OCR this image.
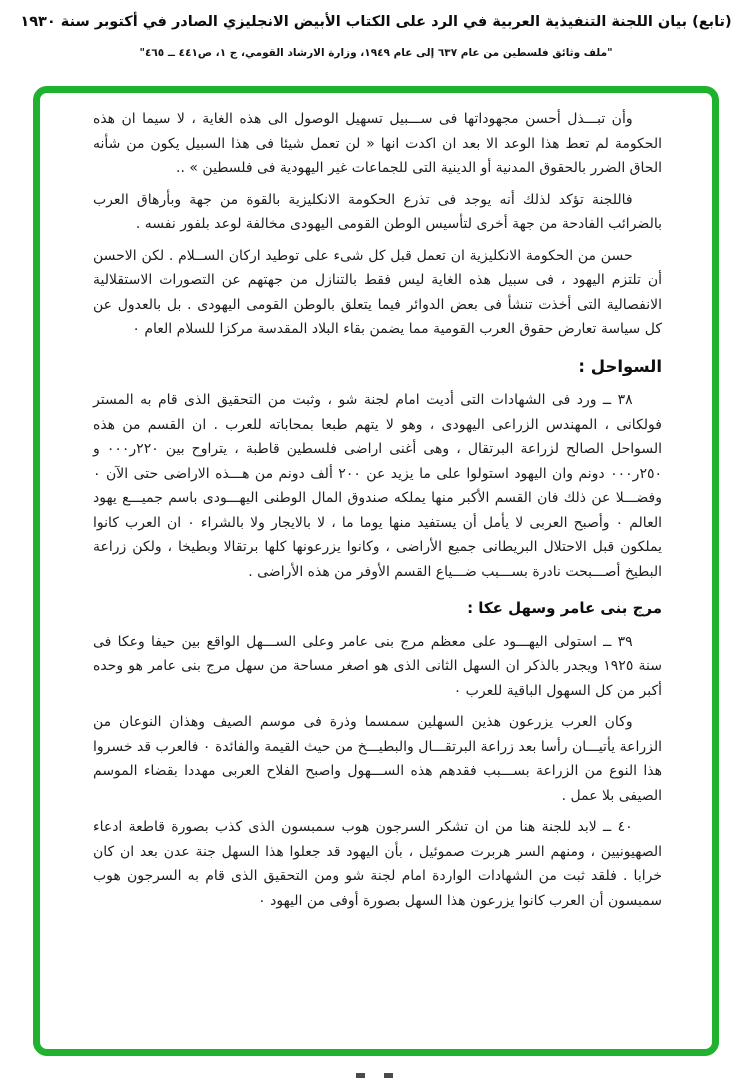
(تابع) بيان اللجنة التنفيذية العربية في الرد على الكتاب الأبيض الانجليزي الصادر في أكتوبر سنة ١٩٣٠
"ملف وثائق فلسطين من عام ٦٣٧ إلى عام ١٩٤٩، وزارة الارشاد القومي، ج ١، ص٤٤١ ــ ٤٦٥"
وأن تبـــذل أحسن مجهوداتها فى ســـبيل تسهيل الوصول الى هذه الغاية ، لا سيما ان هذه الحكومة لم تعط هذا الوعد الا بعد ان اكدت انها « لن تعمل شيئا فى هذا السبيل يكون من شأنه الحاق الضرر بالحقوق المدنية أو الدينية التى للجماعات غير اليهودية فى فلسطين » ..
فاللجنة تؤكد لذلك أنه يوجد فى تذرع الحكومة الانكليزية بالقوة من جهة وبأرهاق العرب بالضرائب الفادحة من جهة أخرى لتأسيس الوطن القومى اليهودى مخالفة لوعد بلفور نفسه .
حسن من الحكومة الانكليزية ان تعمل قبل كل شىء على توطيد اركان الســلام . لكن الاحسن أن تلتزم اليهود ، فى سبيل هذه الغاية ليس فقط بالتنازل من جهتهم عن التصورات الاستقلالية الانفصالية التى أخذت تنشأ فى بعض الدوائر فيما يتعلق بالوطن القومى اليهودى . بل بالعدول عن كل سياسة تعارض حقوق العرب القومية مما يضمن بقاء البلاد المقدسة مركزا للسلام العام ٠
السواحل :
٣٨ ــ ورد فى الشهادات التى أديت امام لجنة شو ، وثبت من التحقيق الذى قام به المستر فولكانى ، المهندس الزراعى اليهودى ، وهو لا يتهم طبعا بمحاباته للعرب . ان القسم من هذه السواحل الصالح لزراعة البرتقال ، وهى أغنى اراضى فلسطين قاطبة ، يتراوح بين ٢٢٠ر٠٠٠ و ٢٥٠ر٠٠٠ دونم وان اليهود استولوا على ما يزيد عن ٢٠٠ ألف دونم من هـــذه الاراضى حتى الآن ٠ وفضـــلا عن ذلك فان القسم الأكبر منها يملكه صندوق المال الوطنى اليهـــودى باسم جميـــع يهود العالم ٠ وأصبح العربى لا يأمل أن يستفيد منها يوما ما ، لا بالايجار ولا بالشراء ٠ ان العرب كانوا يملكون قبل الاحتلال البريطانى جميع الأراضى ، وكانوا يزرعونها كلها برتقالا وبطيخا ، ولكن زراعة البطيخ أصـــبحت نادرة بســـبب ضـــياع القسم الأوفر من هذه الأراضى .
مرج بنى عامر وسهل عكا :
٣٩ ــ استولى اليهـــود على معظم مرج بنى عامر وعلى الســـهل الواقع بين حيفا وعكا فى سنة ١٩٢٥ ويجدر بالذكر ان السهل الثانى الذى هو اصغر مساحة من سهل مرج بنى عامر هو وحده أكبر من كل السهول الباقية للعرب ٠
وكان العرب يزرعون هذين السهلين سمسما وذرة فى موسم الصيف وهذان النوعان من الزراعة يأتيـــان رأسا بعد زراعة البرتقـــال والبطيـــخ من حيث القيمة والفائدة ٠ فالعرب قد خسروا هذا النوع من الزراعة بســـبب فقدهم هذه الســـهول واصبح الفلاح العربى مهددا بقضاء الموسم الصيفى بلا عمل .
٤٠ ــ لابد للجنة هنا من ان تشكر السرجون هوب سمبسون الذى كذب بصورة قاطعة ادعاء الصهيونيين ، ومنهم السر هربرت صموئيل ، بأن اليهود قد جعلوا هذا السهل جنة عدن بعد ان كان خرابا . فلقد ثبت من الشهادات الواردة امام لجنة شو ومن التحقيق الذى قام به السرجون هوب سمبسون أن العرب كانوا يزرعون هذا السهل بصورة أوفى من اليهود ٠
